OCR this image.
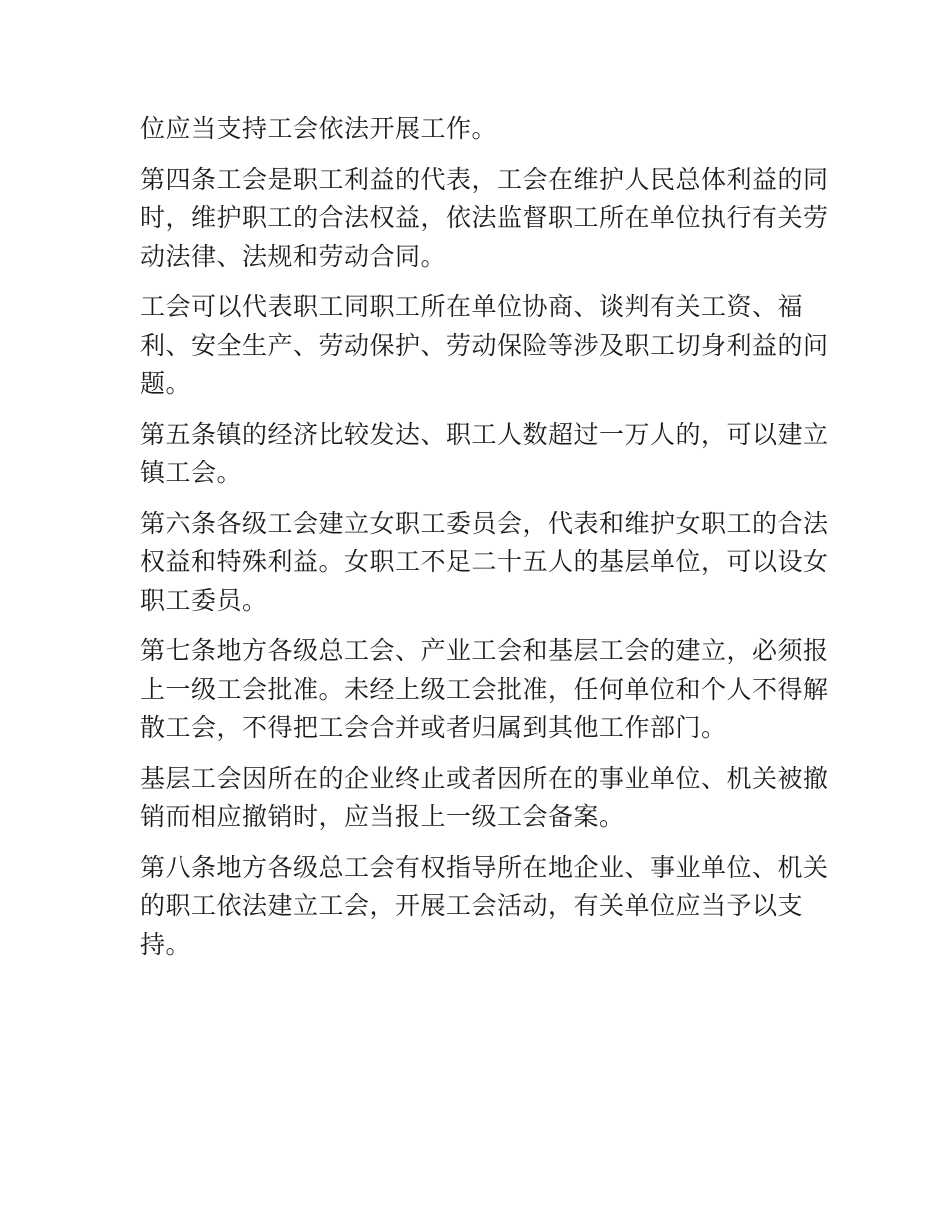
位应当支持工会依法开展工作。
第四条工会是职工利益的代表，工会在维护人民总体利益的同
时，维护职工的合法权益，依法监督职工所在单位执行有关劳
动法律、法规和劳动合同。
工会可以代表职工同职工所在单位协商、谈判有关工资、福
利、安全生产、劳动保护、劳动保险等涉及职工切身利益的问
题。
第五条镇的经济比较发达、职工人数超过一万人的，可以建立
镇工会。
第六条各级工会建立女职工委员会，代表和维护女职工的合法
权益和特殊利益。女职工不足二十五人的基层单位，可以设女
职工委员。
第七条地方各级总工会、产业工会和基层工会的建立，必须报
上一级工会批准。未经上级工会批准，任何单位和个人不得解
散工会，不得把工会合并或者归属到其他工作部门。
基层工会因所在的企业终止或者因所在的事业单位、机关被撤
销而相应撤销时，应当报上一级工会备案。
第八条地方各级总工会有权指导所在地企业、事业单位、机关
的职工依法建立工会，开展工会活动，有关单位应当予以支
持。
